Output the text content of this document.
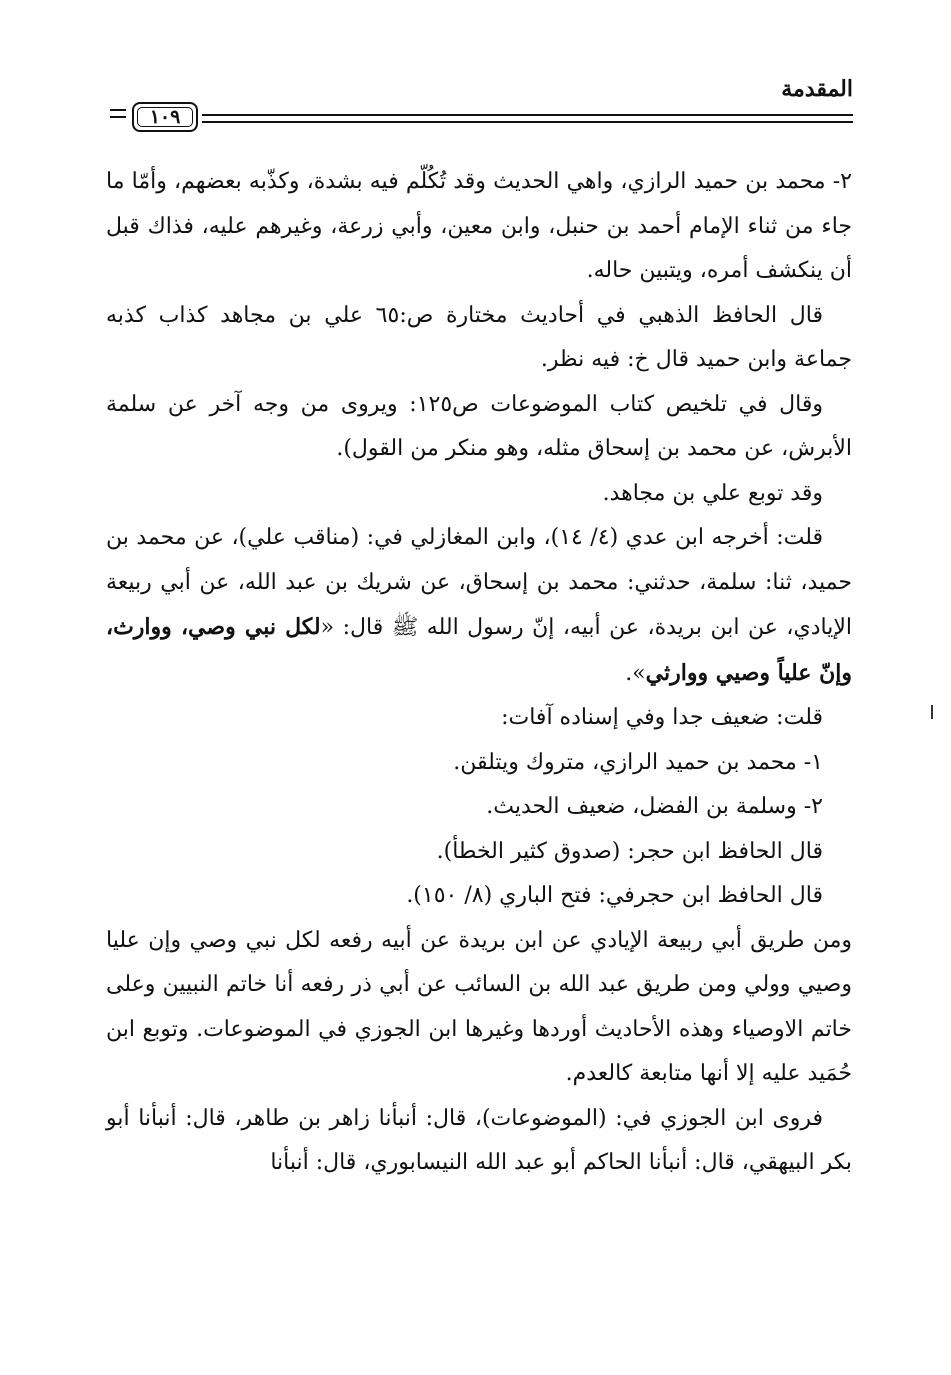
المقدمة
١٠٩

٢- محمد بن حميد الرازي، واهي الحديث وقد تُكُلّم فيه بشدة، وكذّبه بعضهم، وأمّا ما جاء من ثناء الإمام أحمد بن حنبل، وابن معين، وأبي زرعة، وغيرهم عليه، فذاك قبل أن ينكشف أمره، ويتبين حاله.

قال الحافظ الذهبي في أحاديث مختارة ص:٦٥ علي بن مجاهد كذاب كذبه جماعة وابن حميد قال خ: فيه نظر.

وقال في تلخيص كتاب الموضوعات ص١٢٥: ويروى من وجه آخر عن سلمة الأبرش، عن محمد بن إسحاق مثله، وهو منكر من القول).

وقد توبع علي بن مجاهد.

قلت: أخرجه ابن عدي (٤/ ١٤)، وابن المغازلي في: (مناقب علي)، عن محمد بن حميد، ثنا: سلمة، حدثني: محمد بن إسحاق، عن شريك بن عبد الله، عن أبي ربيعة الإيادي، عن ابن بريدة، عن أبيه، إنّ رسول الله ﷺ قال: «لكل نبي وصي، ووارث، وإنّ علياً وصيي ووارثي».

قلت: ضعيف جدا وفي إسناده آفات:

١- محمد بن حميد الرازي، متروك ويتلقن.

٢- وسلمة بن الفضل، ضعيف الحديث.

قال الحافظ ابن حجر: (صدوق كثير الخطأ).

قال الحافظ ابن حجرفي: فتح الباري (٨/ ١٥٠).

ومن طريق أبي ربيعة الإيادي عن ابن بريدة عن أبيه رفعه لكل نبي وصي وإن عليا وصيي وولي ومن طريق عبد الله بن السائب عن أبي ذر رفعه أنا خاتم النبيين وعلى خاتم الاوصياء وهذه الأحاديث أوردها وغيرها ابن الجوزي في الموضوعات. وتوبع ابن حُمَيد عليه إلا أنها متابعة كالعدم.

فروى ابن الجوزي في: (الموضوعات)، قال: أنبأنا زاهر بن طاهر، قال: أنبأنا أبو بكر البيهقي، قال: أنبأنا الحاكم أبو عبد الله النيسابوري، قال: أنبأنا
